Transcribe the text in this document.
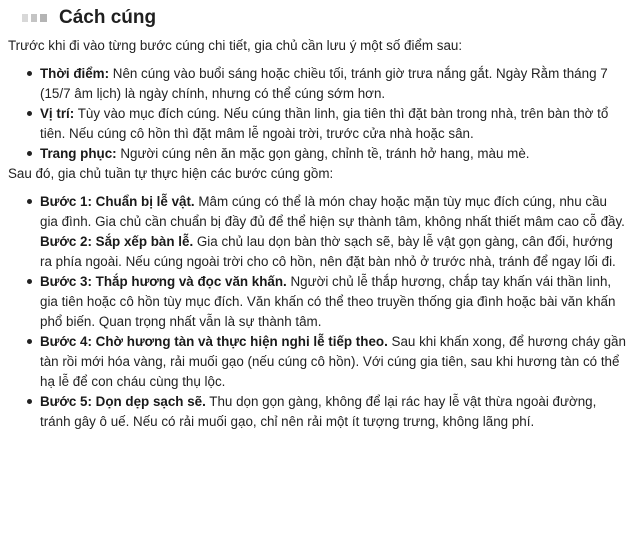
Cách cúng

Trước khi đi vào từng bước cúng chi tiết, gia chủ cần lưu ý một số điểm sau:

Thời điểm: Nên cúng vào buổi sáng hoặc chiều tối, tránh giờ trưa nắng gắt. Ngày Rằm tháng 7 (15/7 âm lịch) là ngày chính, nhưng có thể cúng sớm hơn.
Vị trí: Tùy vào mục đích cúng. Nếu cúng thần linh, gia tiên thì đặt bàn trong nhà, trên bàn thờ tổ tiên. Nếu cúng cô hồn thì đặt mâm lễ ngoài trời, trước cửa nhà hoặc sân.
Trang phục: Người cúng nên ăn mặc gọn gàng, chỉnh tề, tránh hở hang, màu mè.

Sau đó, gia chủ tuần tự thực hiện các bước cúng gồm:

Bước 1: Chuẩn bị lễ vật. Mâm cúng có thể là món chay hoặc mặn tùy mục đích cúng, nhu cầu gia đình. Gia chủ cần chuẩn bị đầy đủ để thể hiện sự thành tâm, không nhất thiết mâm cao cỗ đầy.
Bước 2: Sắp xếp bàn lễ. Gia chủ lau dọn bàn thờ sạch sẽ, bày lễ vật gọn gàng, cân đối, hướng ra phía ngoài. Nếu cúng ngoài trời cho cô hồn, nên đặt bàn nhỏ ở trước nhà, tránh để ngay lối đi.
Bước 3: Thắp hương và đọc văn khấn. Người chủ lễ thắp hương, chắp tay khấn vái thần linh, gia tiên hoặc cô hồn tùy mục đích. Văn khấn có thể theo truyền thống gia đình hoặc bài văn khấn phổ biến. Quan trọng nhất vẫn là sự thành tâm.
Bước 4: Chờ hương tàn và thực hiện nghi lễ tiếp theo. Sau khi khấn xong, để hương cháy gần tàn rồi mới hóa vàng, rải muối gạo (nếu cúng cô hồn). Với cúng gia tiên, sau khi hương tàn có thể hạ lễ để con cháu cùng thụ lộc.
Bước 5: Dọn dẹp sạch sẽ. Thu dọn gọn gàng, không để lại rác hay lễ vật thừa ngoài đường, tránh gây ô uế. Nếu có rải muối gạo, chỉ nên rải một ít tượng trưng, không lãng phí.
